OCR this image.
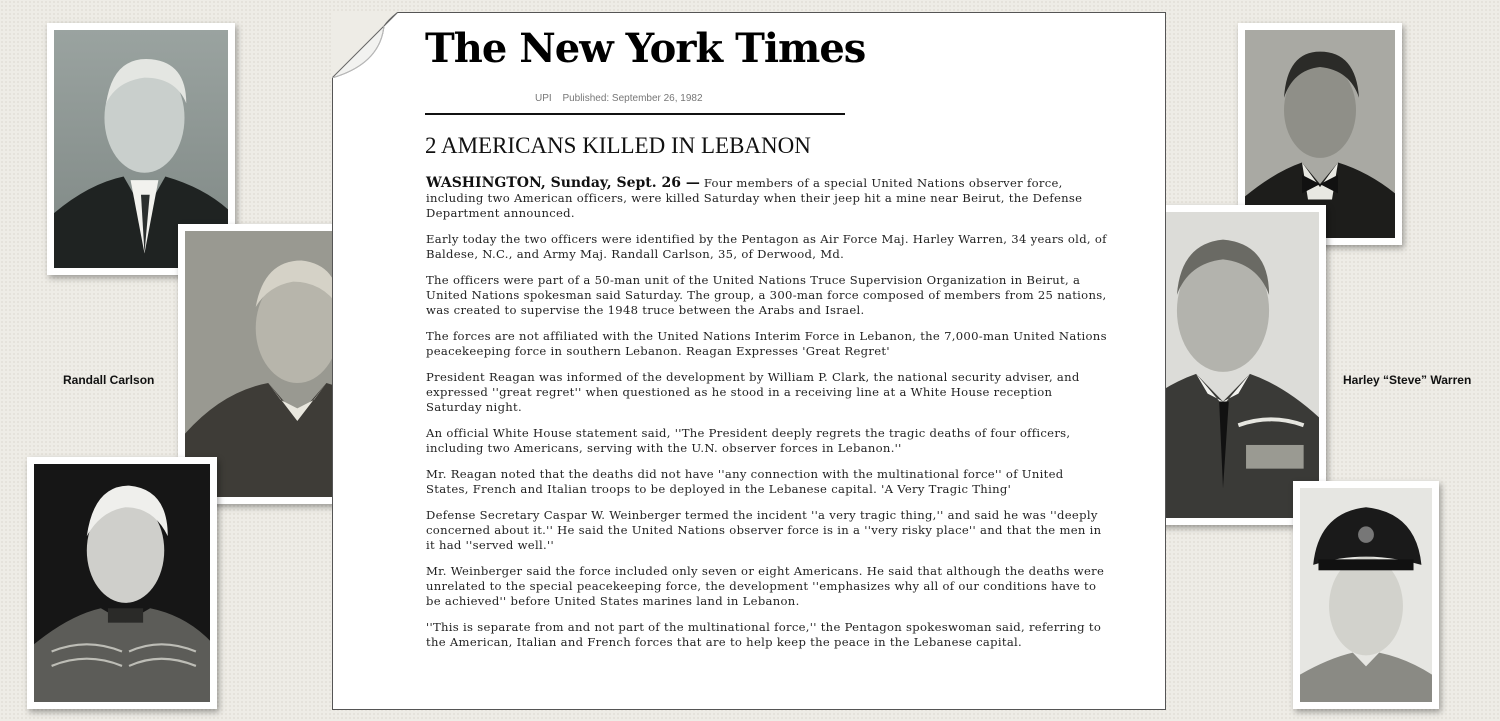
Randall Carlson	Harley “Steve” Warren
The New York Times
UPI Published: September 26, 1982
2 AMERICANS KILLED IN LEBANON

WASHINGTON, Sunday, Sept. 26 — Four members of a special United Nations observer force, including two American officers, were killed Saturday when their jeep hit a mine near Beirut, the Defense Department announced.

Early today the two officers were identified by the Pentagon as Air Force Maj. Harley Warren, 34 years old, of Baldese, N.C., and Army Maj. Randall Carlson, 35, of Derwood, Md.

The officers were part of a 50-man unit of the United Nations Truce Supervision Organization in Beirut, a United Nations spokesman said Saturday. The group, a 300-man force composed of members from 25 nations, was created to supervise the 1948 truce between the Arabs and Israel.

The forces are not affiliated with the United Nations Interim Force in Lebanon, the 7,000-man United Nations peacekeeping force in southern Lebanon. Reagan Expresses 'Great Regret'

President Reagan was informed of the development by William P. Clark, the national security adviser, and expressed ''great regret'' when questioned as he stood in a receiving line at a White House reception Saturday night.

An official White House statement said, ''The President deeply regrets the tragic deaths of four officers, including two Americans, serving with the U.N. observer forces in Lebanon.''

Mr. Reagan noted that the deaths did not have ''any connection with the multinational force'' of United States, French and Italian troops to be deployed in the Lebanese capital. 'A Very Tragic Thing'

Defense Secretary Caspar W. Weinberger termed the incident ''a very tragic thing,'' and said he was ''deeply concerned about it.'' He said the United Nations observer force is in a ''very risky place'' and that the men in it had ''served well.''

Mr. Weinberger said the force included only seven or eight Americans. He said that although the deaths were unrelated to the special peacekeeping force, the development ''emphasizes why all of our conditions have to be achieved'' before United States marines land in Lebanon.

''This is separate from and not part of the multinational force,'' the Pentagon spokeswoman said, referring to the American, Italian and French forces that are to help keep the peace in the Lebanese capital.
